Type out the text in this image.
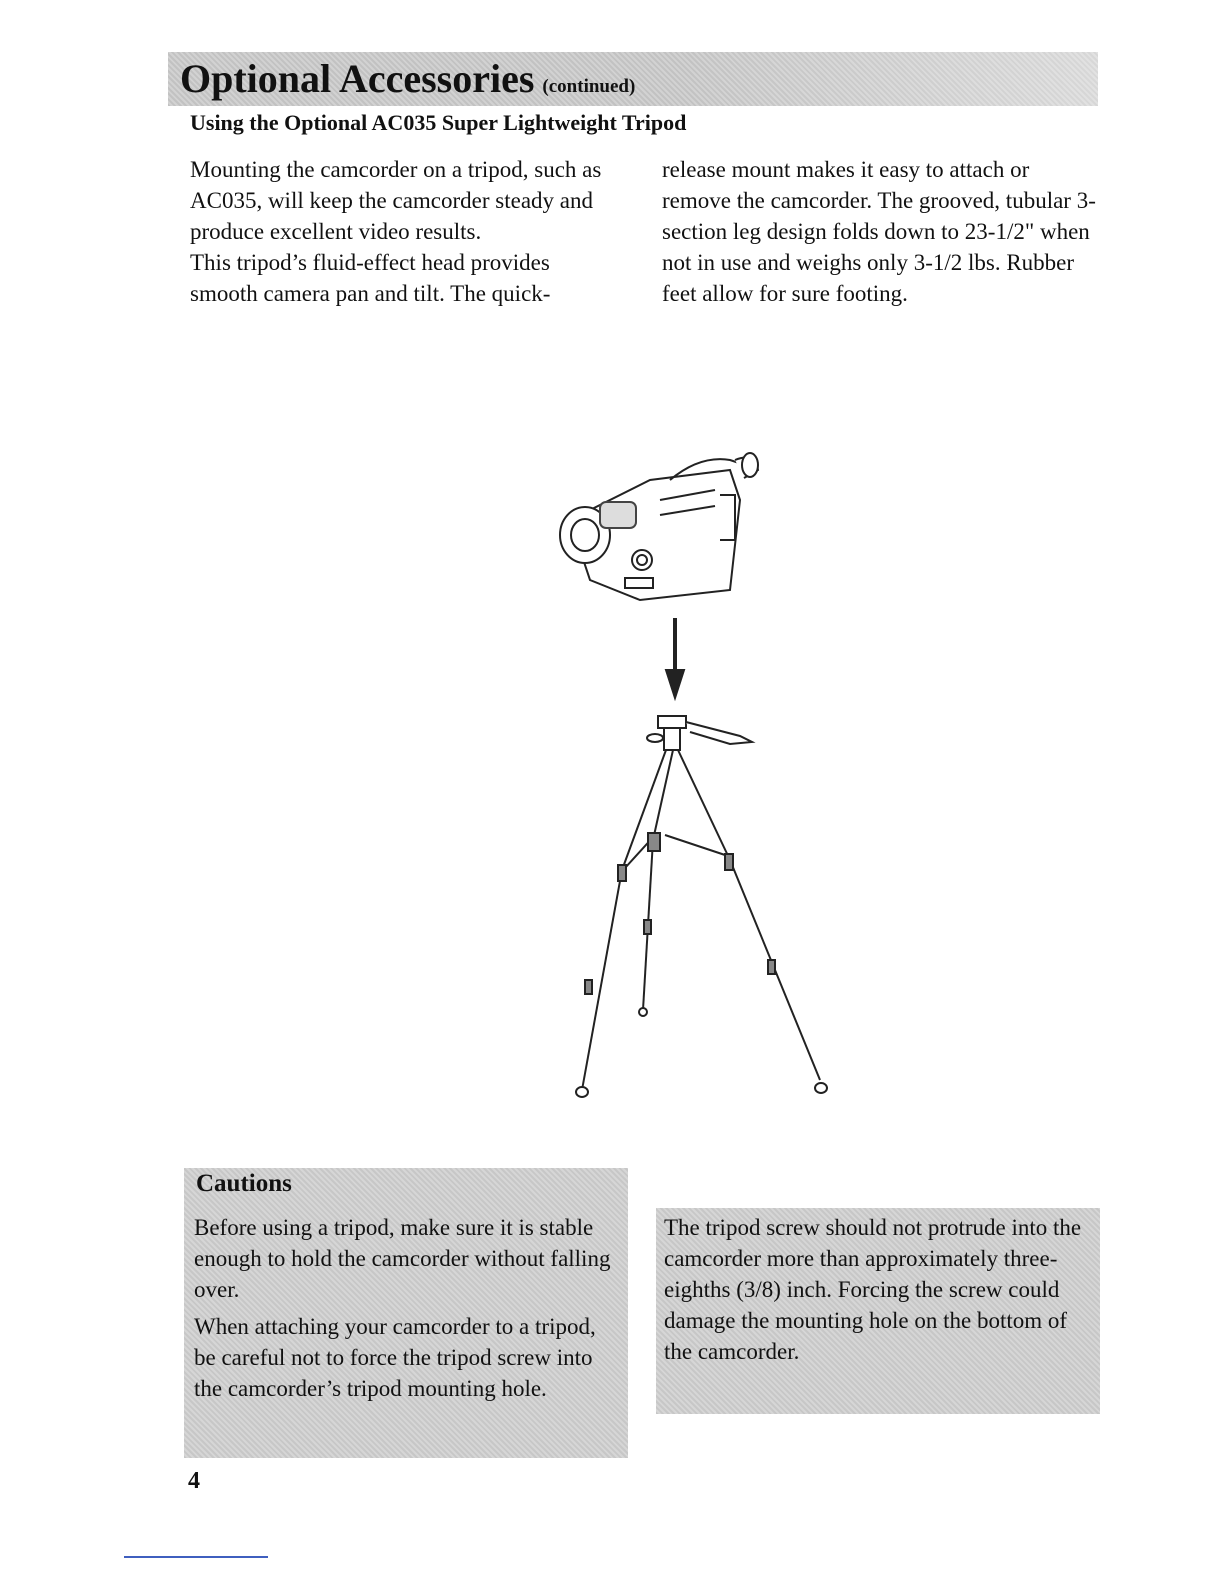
Optional Accessories (continued)
Using the Optional AC035 Super Lightweight Tripod

Mounting the camcorder on a tripod, such as AC035, will keep the camcorder steady and produce excellent video results.

This tripod’s fluid-effect head provides smooth camera pan and tilt. The quick-

release mount makes it easy to attach or remove the camcorder. The grooved, tubular 3-section leg design folds down to 23-1/2" when not in use and weighs only 3-1/2 lbs. Rubber feet allow for sure footing.

Cautions

Before using a tripod, make sure it is stable enough to hold the camcorder without falling over.

When attaching your camcorder to a tripod, be careful not to force the tripod screw into the camcorder’s tripod mounting hole.

The tripod screw should not protrude into the camcorder more than approximately three-eighths (3/8) inch. Forcing the screw could damage the mounting hole on the bottom of the camcorder.

4
